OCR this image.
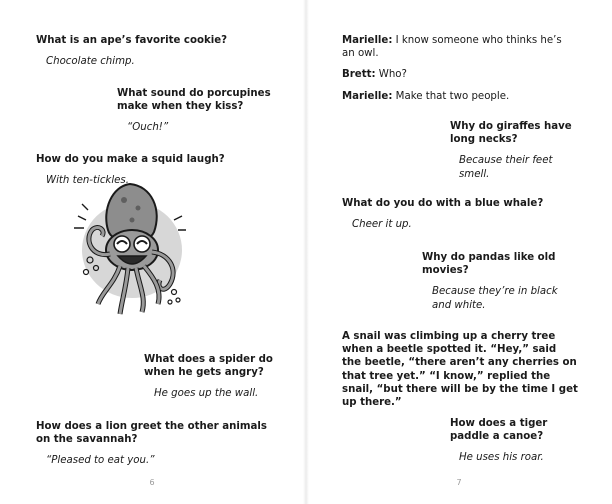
What is an ape’s favorite cookie?

Chocolate chimp.

What sound do porcupines make when they kiss?

“Ouch!”

How do you make a squid laugh?

With ten-tickles.

What does a spider do when he gets angry?

He goes up the wall.

How does a lion greet the other animals on the savannah?

“Pleased to eat you.”

6

Marielle: I know someone who thinks he’s an owl.

Brett: Who?

Marielle: Make that two people.

Why do giraffes have long necks?

Because their feet smell.

What do you do with a blue whale?

Cheer it up.

Why do pandas like old movies?

Because they’re in black and white.

A snail was climbing up a cherry tree when a beetle spotted it. “Hey,” said the beetle, “there aren’t any cherries on that tree yet.” “I know,” replied the snail, “but there will be by the time I get up there.”

How does a tiger paddle a canoe?

He uses his roar.

7
